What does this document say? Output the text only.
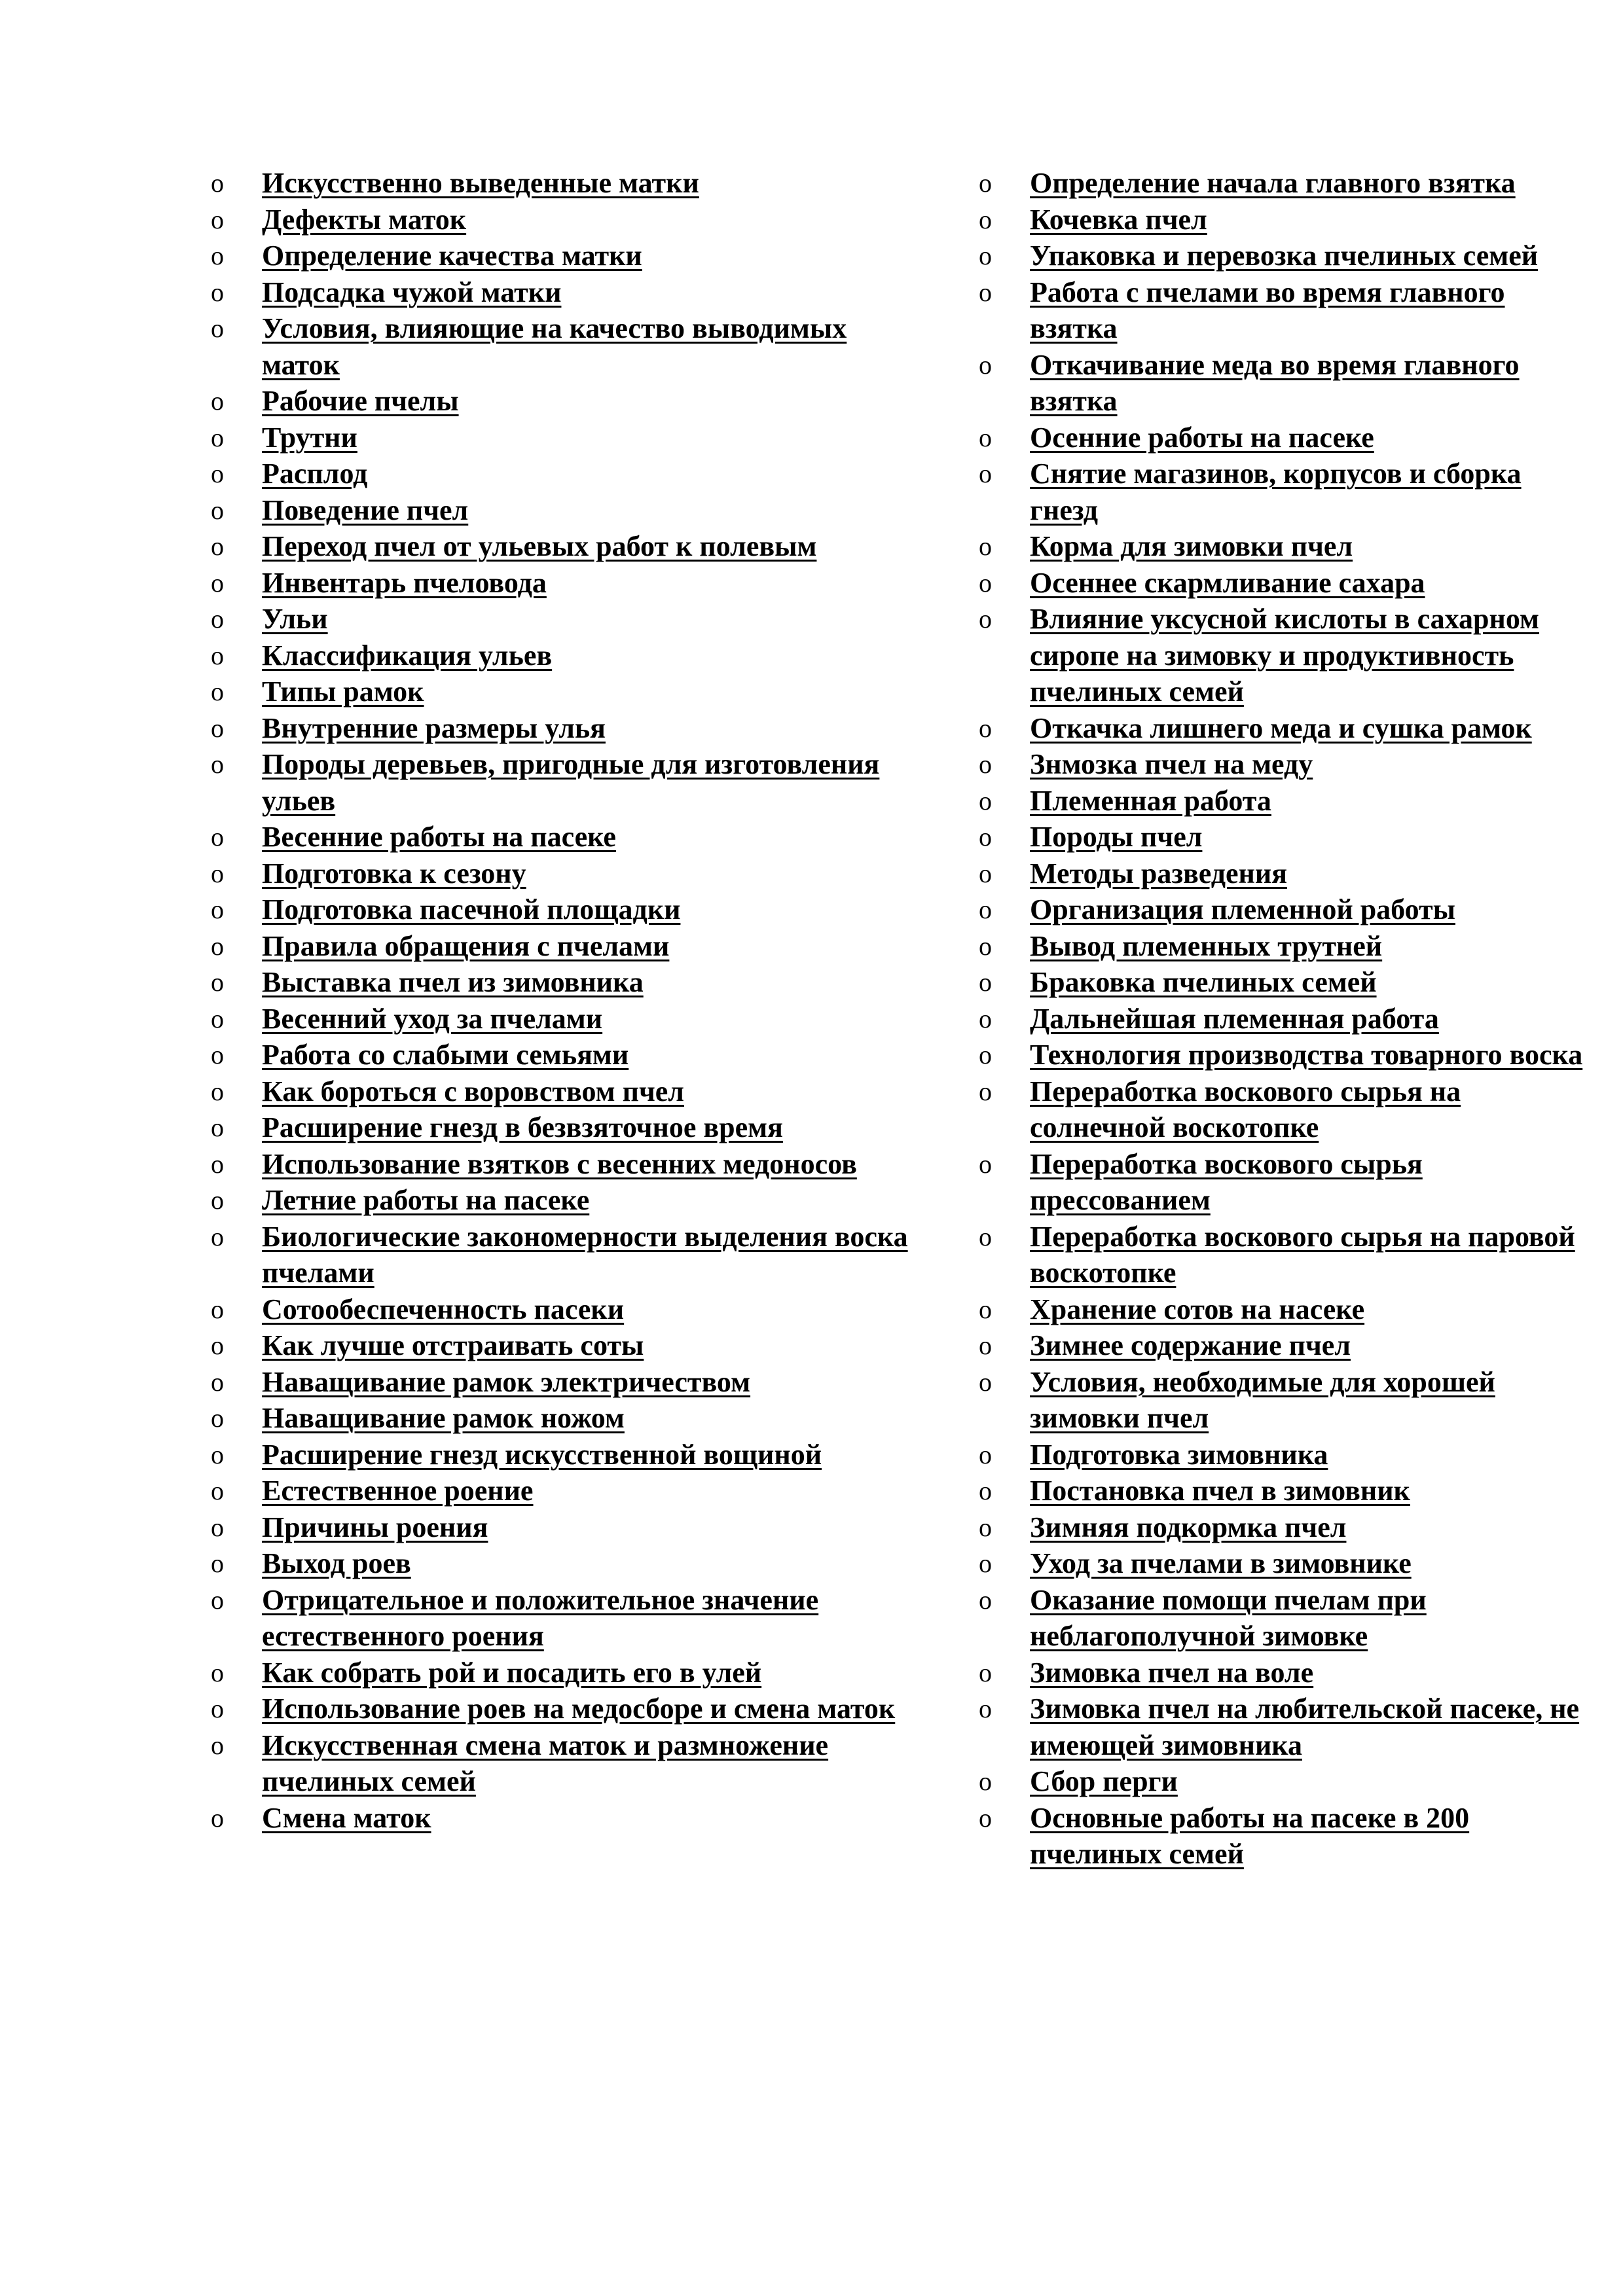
o Искусственно выведенные матки
o Дефекты маток
o Определение качества матки
o Подсадка чужой матки
o Условия, влияющие на качество выводимых маток
o Рабочие пчелы
o Трутни
o Расплод
o Поведение пчел
o Переход пчел от ульевых работ к полевым
o Инвентарь пчеловода
o Ульи
o Классификация ульев
o Типы рамок
o Внутренние размеры улья
o Породы деревьев, пригодные для изготовления ульев
o Весенние работы на пасеке
o Подготовка к сезону
o Подготовка пасечной площадки
o Правила обращения с пчелами
o Выставка пчел из зимовника
o Весенний уход за пчелами
o Работа со слабыми семьями
o Как бороться с воровством пчел
o Расширение гнезд в безвзяточное время
o Использование взятков с весенних медоносов
o Летние работы на пасеке
o Биологические закономерности выделения воска пчелами
o Сотообеспеченность пасеки
o Как лучше отстраивать соты
o Наващивание рамок электричеством
o Наващивание рамок ножом
o Расширение гнезд искусственной вощиной
o Естественное роение
o Причины роения
o Выход роев
o Отрицательное и положительное значение естественного роения
o Как собрать рой и посадить его в улей
o Использование роев на медосборе и смена маток
o Искусственная смена маток и размножение пчелиных семей
o Смена маток
o Определение начала главного взятка
o Кочевка пчел
o Упаковка и перевозка пчелиных семей
o Работа с пчелами во время главного взятка
o Откачивание меда во время главного взятка
o Осенние работы на пасеке
o Снятие магазинов, корпусов и сборка гнезд
o Корма для зимовки пчел
o Осеннее скармливание сахара
o Влияние уксусной кислоты в сахарном сиропе на зимовку и продуктивность пчелиных семей
o Откачка лишнего меда и сушка рамок
o Знмозка пчел на меду
o Племенная работа
o Породы пчел
o Методы разведения
o Организация племенной работы
o Вывод племенных трутней
o Браковка пчелиных семей
o Дальнейшая племенная работа
o Технология производства товарного воска
o Переработка воскового сырья на солнечной воскотопке
o Переработка воскового сырья прессованием
o Переработка воскового сырья на паровой воскотопке
o Хранение сотов на насеке
o Зимнее содержание пчел
o Условия, необходимые для хорошей зимовки пчел
o Подготовка зимовника
o Постановка пчел в зимовник
o Зимняя подкормка пчел
o Уход за пчелами в зимовнике
o Оказание помощи пчелам при неблагополучной зимовке
o Зимовка пчел на воле
o Зимовка пчел на любительской пасеке, не имеющей зимовника
o Сбор перги
o Основные работы на пасеке в 200 пчелиных семей
